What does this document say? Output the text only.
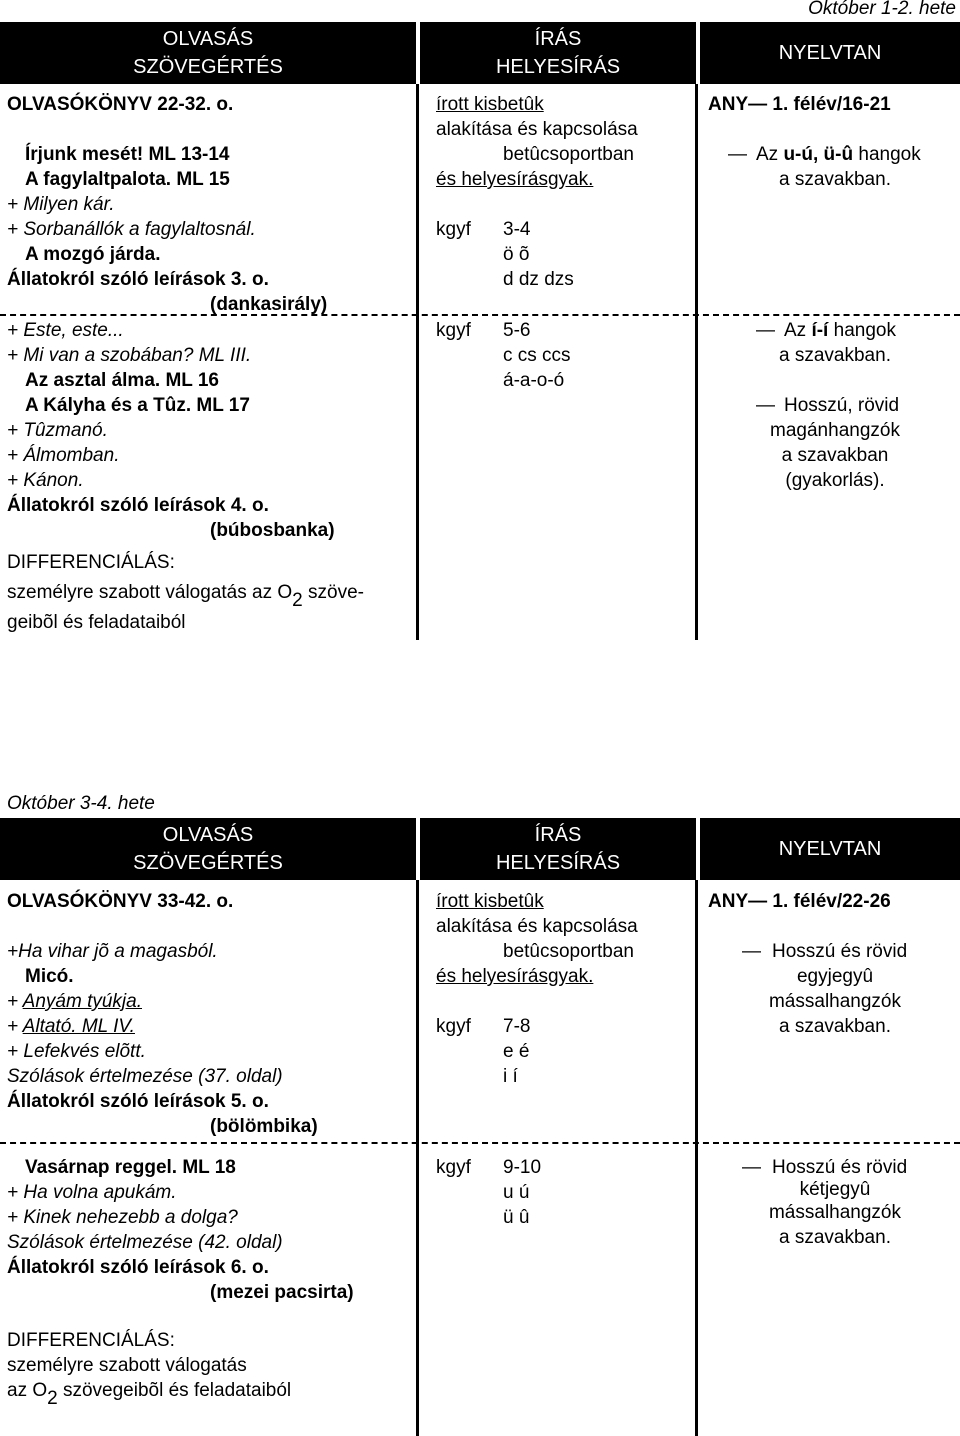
Október 1-2. hete
OLVASÁS
SZÖVEGÉRTÉS
ÍRÁS
HELYESÍRÁS
NYELVTAN
OLVASÓKÖNYV 22-32. o.
Írjunk mesét! ML 13-14
A fagylaltpalota. ML 15
+ Milyen kár.
+ Sorbanállók a fagylaltosnál.
A mozgó járda.
Állatokról szóló leírások 3. o.
(dankasirály)
+ Este, este...
+ Mi van a szobában? ML III.
Az asztal álma. ML 16
A Kályha és a Tûz. ML 17
+ Tûzmanó.
+ Álmomban.
+ Kánon.
Állatokról szóló leírások 4. o.
(búbosbanka)
DIFFERENCIÁLÁS:
személyre szabott válogatás az $O_2$ szöve-
geibõl és feladataiból
írott kisbetûk
alakítása és kapcsolása
betûcsoportban
és helyesírásgyak.
kgyf 3-4
ö õ
d dz dzs
kgyf 5-6
c cs ccs
á-a-o-ó
ANY— 1. félév/16-21
— Az u-ú, ü-û hangok
a szavakban.
— Az í-í hangok
a szavakban.
— Hosszú, rövid
magánhangzók
a szavakban
(gyakorlás).
Október 3-4. hete
OLVASÁS
SZÖVEGÉRTÉS
ÍRÁS
HELYESÍRÁS
NYELVTAN
OLVASÓKÖNYV 33-42. o.
+Ha vihar jõ a magasból.
Micó.
+ Anyám tyúkja.
+ Altató. ML IV.
+ Lefekvés elõtt.
Szólások értelmezése (37. oldal)
Állatokról szóló leírások 5. o.
(bölömbika)
Vasárnap reggel. ML 18
+ Ha volna apukám.
+ Kinek nehezebb a dolga?
Szólások értelmezése (42. oldal)
Állatokról szóló leírások 6. o.
(mezei pacsirta)
DIFFERENCIÁLÁS:
személyre szabott válogatás
az $O_2$ szövegeibõl és feladataiból
írott kisbetûk
alakítása és kapcsolása
betûcsoportban
és helyesírásgyak.
kgyf 7-8
e é
i í
kgyf 9-10
u ú
ü û
ANY— 1. félév/22-26
— Hosszú és rövid
egyjegyû
mássalhangzók
a szavakban.
— Hosszú és rövid
kétjegyû
mássalhangzók
a szavakban.
